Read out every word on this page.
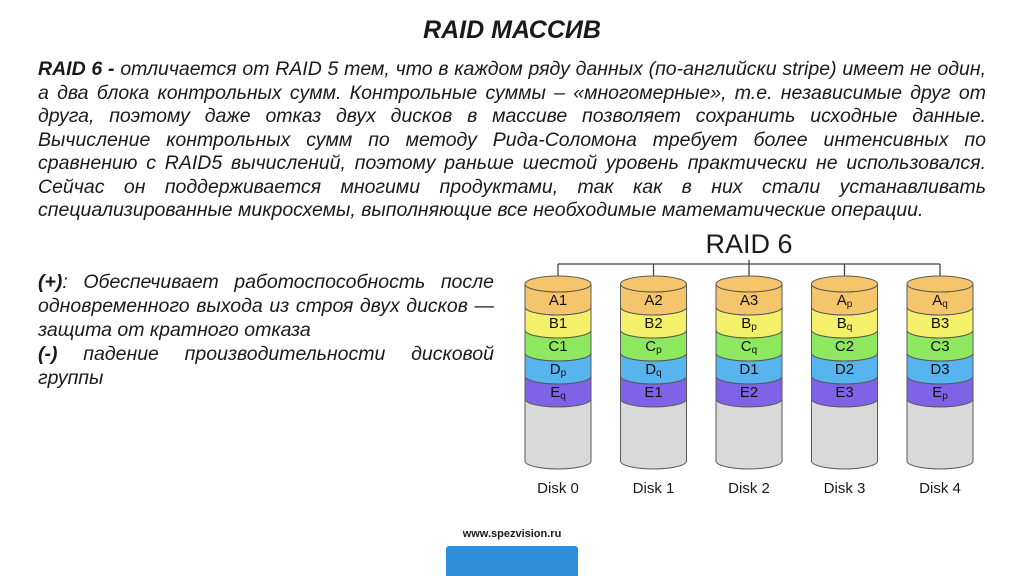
RAID МАССИВ

RAID 6 - отличается от RAID 5 тем, что в каждом ряду данных (по-английски stripe) имеет не один, а два блока контрольных сумм. Контрольные суммы – «многомерные», т.е. независимые друг от друга, поэтому даже отказ двух дисков в массиве позволяет сохранить исходные данные. Вычисление контрольных сумм по методу Рида-Соломона требует более интенсивных по сравнению с RAID5 вычислений, поэтому раньше шестой уровень практически не использовался. Сейчас он поддерживается многими продуктами, так как в них стали устанавливать специализированные микросхемы, выполняющие все необходимые математические операции.

(+): Обеспечивает работоспособность после одновременного выхода из строя двух дисков — защита от кратного отказа

(-) падение производительности дисковой группы

RAID 6
A1
B1
C1
Dp
Eq
Disk 0
A2
B2
Cp
Dq
E1
Disk 1
A3
Bp
Cq
D1
E2
Disk 2
Ap
Bq
C2
D2
E3
Disk 3
Aq
B3
C3
D3
Ep
Disk 4
www.spezvision.ru
